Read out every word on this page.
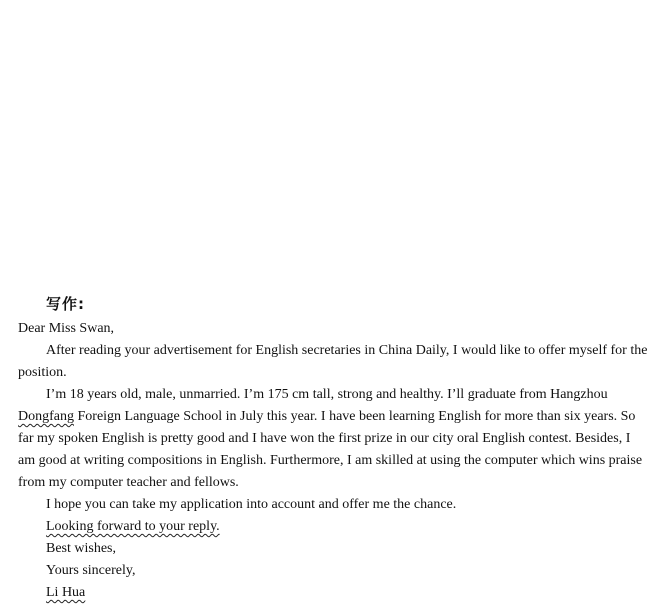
写作:

Dear Miss Swan,

After reading your advertisement for English secretaries in China Daily, I would like to offer myself for the position.

I’m 18 years old, male, unmarried. I’m 175 cm tall, strong and healthy. I’ll graduate from Hangzhou Dongfang Foreign Language School in July this year. I have been learning English for more than six years. So far my spoken English is pretty good and I have won the first prize in our city oral English contest. Besides, I am good at writing compositions in English. Furthermore, I am skilled at using the computer which wins praise from my computer teacher and fellows.

I hope you can take my application into account and offer me the chance.

Looking forward to your reply.

Best wishes,

Yours sincerely,

Li Hua
